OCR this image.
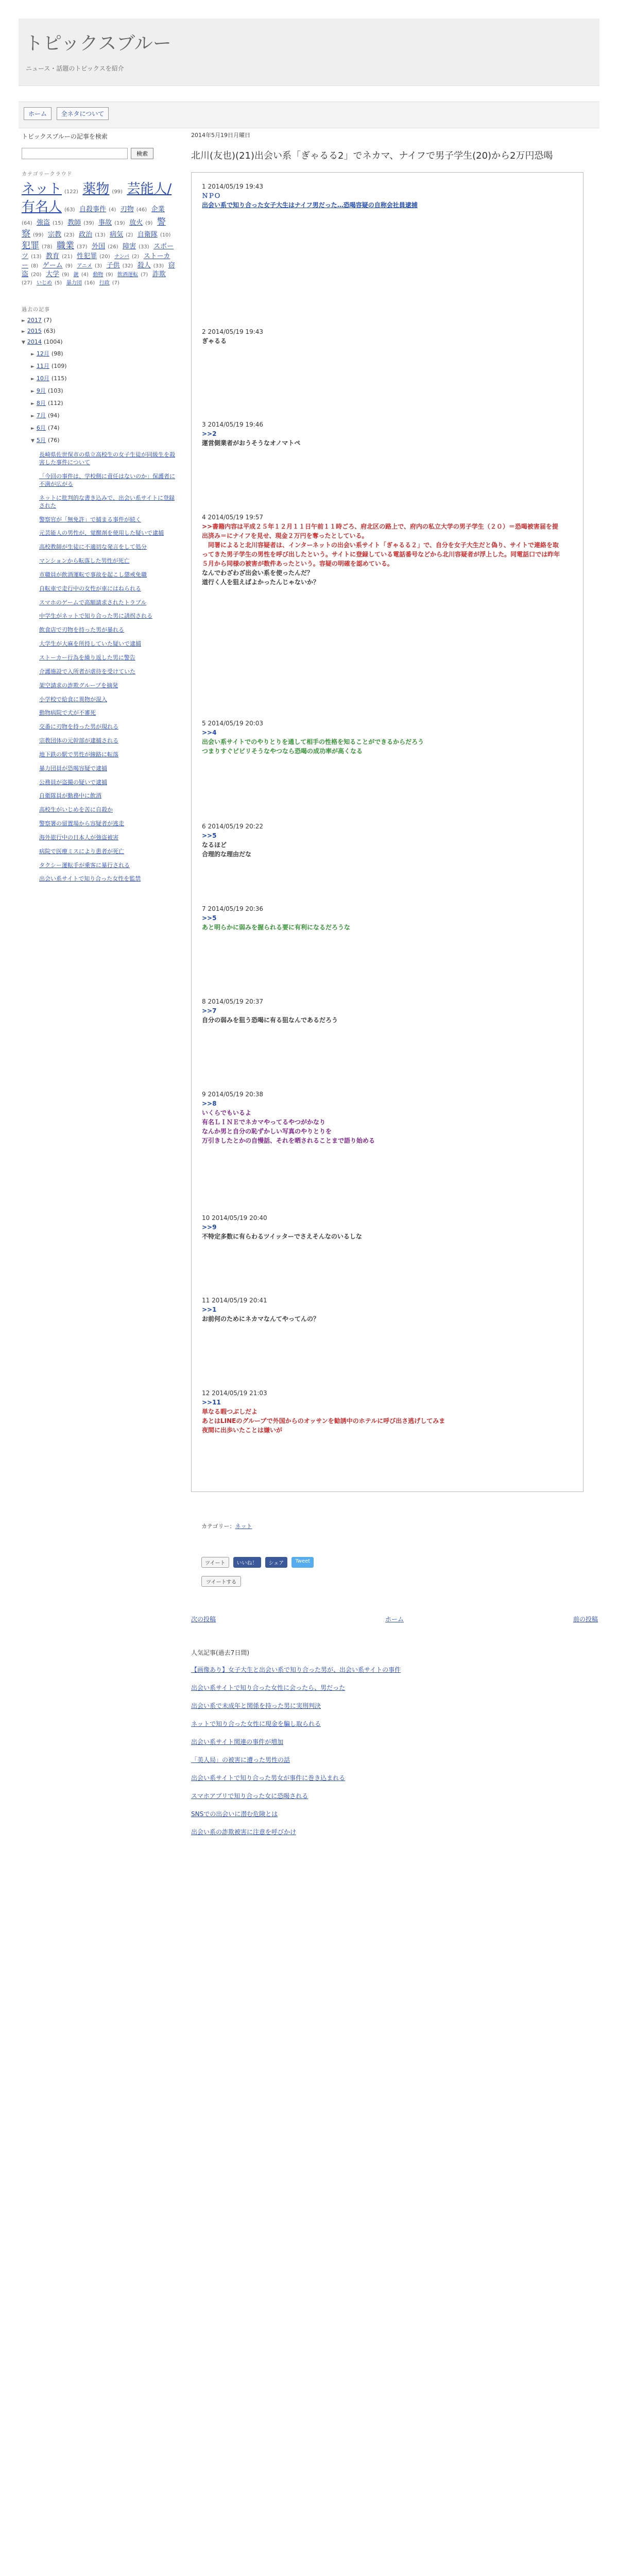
トピックスブルー
ニュース・話題のトピックスを紹介
ホーム 全ネタについて
トピックスブルーの記事を検索
検索
カテゴリークラウド
ネット (122) 薬物 (99) 芸能人/有名人 (63) 自殺事件 (4) 刃物 (46) 企業(64) 強盗 (15) 教師 (39) 事故 (19) 放火 (9) 警察 (99) 宗教 (23) 政治 (13) 病気 (2) 自衛隊 (10) 犯罪 (78) 職業 (37) 外国 (26) 障害 (33) スポーツ (13) 教育 (21) 性犯罪 (20) ナンパ (2) ストーカー (8) ゲーム (9) アニメ (3) 子供 (32) 殺人 (33) 窃盗 (20) 大学 (9) 銃 (4) 動物 (9) 飲酒運転 (7) 詐欺(27) いじめ (5) 暴力団 (16) 行政 (7)
過去の記事
► 2017 (7)
► 2015 (63)
▼ 2014 (1004)
► 12月 (98)
► 11月 (109)
► 10月 (115)
► 9月 (103)
► 8月 (112)
► 7月 (94)
► 6月 (74)
▼ 5月 (76)
長崎県佐世保市の県立高校生の女子生徒が同級生を殺害した事件について
「今回の事件は、学校側に責任はないのか」保護者に不満が広がる
ネットに批判的な書き込みで、出会い系サイトに登録された
警察官が「無免許」で捕まる事件が続く
元芸能人の男性が、覚醒剤を使用した疑いで逮捕
高校教師が生徒に不適切な発言をして処分
マンションから転落した男性が死亡
市職員が飲酒運転で事故を起こし懲戒免職
自転車で走行中の女性が車にはねられる
スマホのゲームで高額請求されたトラブル
中学生がネットで知り合った男に誘拐される
飲食店で刃物を持った男が暴れる
大学生が大麻を所持していた疑いで逮捕
ストーカー行為を繰り返した男に警告
介護施設で入所者が虐待を受けていた
架空請求の詐欺グループを摘発
小学校で給食に異物が混入
動物病院で犬が不審死
交番に刃物を持った男が現れる
宗教団体の元幹部が逮捕される
地下鉄の駅で男性が線路に転落
暴力団員が恐喝容疑で逮捕
公務員が盗撮の疑いで逮捕
自衛隊員が勤務中に飲酒
高校生がいじめを苦に自殺か
警察署の留置場から容疑者が逃走
海外旅行中の日本人が強盗被害
病院で医療ミスにより患者が死亡
タクシー運転手が乗客に暴行される
出会い系サイトで知り合った女性を監禁
2014年5月19日月曜日
北川(友也)(21)出会い系「ぎゃるる2」でネカマ、ナイフで男子学生(20)から2万円恐喝
1 2014/05/19 19:43
ＮＰＯ
出会い系で知り合った女子大生はナイフ男だった…恐喝容疑の自称会社員逮捕
2 2014/05/19 19:43
ぎゃるる
3 2014/05/19 19:46
>>2
運営側業者がおうそうなオノマトペ
4 2014/05/19 19:57
>>書籍内容は平成２５年１２月１１日午前１１時ごろ、府北区の路上で、府内の私立大学の男子学生（２０）＝恐喝被害届を提出済み＝にナイフを見せ、現金２万円を奪ったとしている。
　同署によると北川容疑者は、インターネットの出会い系サイト「ぎゃるる２」で、自分を女子大生だと偽り、サイトで連絡を取ってきた男子学生の男性を呼び出したという。サイトに登録している電話番号などから北川容疑者が浮上した。同電話口では昨年５月から同様の被害が数件あったという。容疑の明確を認めている。
なんでわざわざ出会い系を使ったんだ？
道行く人を狙えばよかったんじゃないか？
5 2014/05/19 20:03
>>4
出会い系サイトでのやりとりを通して相手の性格を知ることができるからだろう
つまりすぐビビリそうなやつなら恐喝の成功率が高くなる
6 2014/05/19 20:22
>>5
なるほど
合理的な理由だな
7 2014/05/19 20:36
>>5
あと明らかに弱みを握られる要に有利になるだろうな
8 2014/05/19 20:37
>>7
自分の弱みを狙う恐喝に有る狙なんであるだろう
9 2014/05/19 20:38
>>8
いくらでもいるよ
有名ＬＩＮＥでネカマやってるやつがかなり
なんか男と自分の恥ずかしい写真のやりとりを
万引きしたとかの自慢話、それを晒されることまで語り始める
10 2014/05/19 20:40
>>9
不特定多数に有らわるツイッターでさえそんなのいるしな
11 2014/05/19 20:41
>>1
お前何のためにネカマなんてやってんの？
12 2014/05/19 21:03
>>11
単なる暇つぶしだよ
あとはLINEのグループで外国からのオッサンを勧誘中のホテルに呼び出さ逃げしてみま
夜間に出歩いたことは嫌いが
カテゴリー：ネット
ツイート	いいね！	シェア	Tweet
ツイートする
次の投稿	ホーム	前の投稿
人気記事(過去7日間)
【画像あり】女子大生と出会い系で知り合った男が、出会い系サイトの事件
出会い系サイトで知り合った女性に会ったら、男だった
出会い系で未成年と関係を持った男に実刑判決
ネットで知り合った女性に現金を騙し取られる
出会い系サイト関連の事件が増加
「美人局」の被害に遭った男性の話
出会い系サイトで知り合った男女が事件に巻き込まれる
スマホアプリで知り合った女に恐喝される
SNSでの出会いに潜む危険とは
出会い系の詐欺被害に注意を呼びかけ
